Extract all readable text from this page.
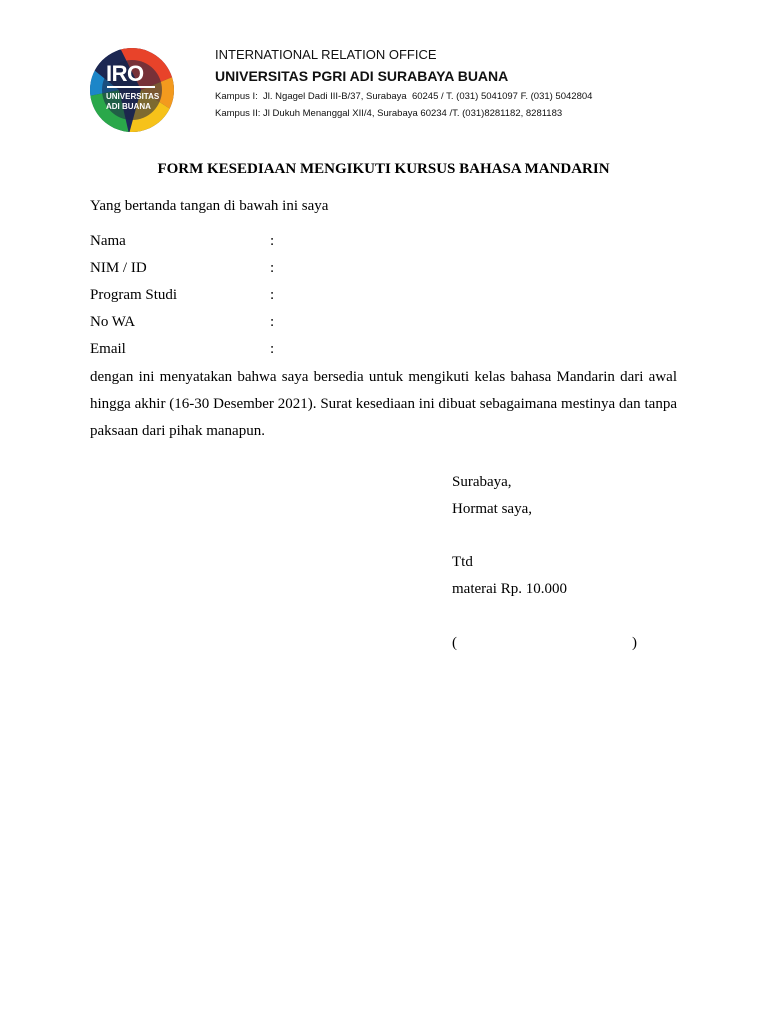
IRO
UNIVERSITAS
ADI BUANA
INTERNATIONAL RELATION OFFICE
UNIVERSITAS PGRI ADI SURABAYA BUANA
Kampus I:  Jl. Ngagel Dadi III-B/37, Surabaya  60245 / T. (031) 5041097 F. (031) 5042804
Kampus II: Jl Dukuh Menanggal XII/4, Surabaya 60234 /T. (031)8281182, 8281183
FORM KESEDIAAN MENGIKUTI KURSUS BAHASA MANDARIN
Yang bertanda tangan di bawah ini saya
Nama	:
NIM / ID	:
Program Studi	:
No WA	:
Email	:
dengan ini menyatakan bahwa saya bersedia untuk mengikuti kelas bahasa Mandarin dari awal hingga akhir (16-30 Desember 2021). Surat kesediaan ini dibuat sebagaimana mestinya dan tanpa paksaan dari pihak manapun.
Surabaya,
Hormat saya,
Ttd
materai Rp. 10.000
(	)
